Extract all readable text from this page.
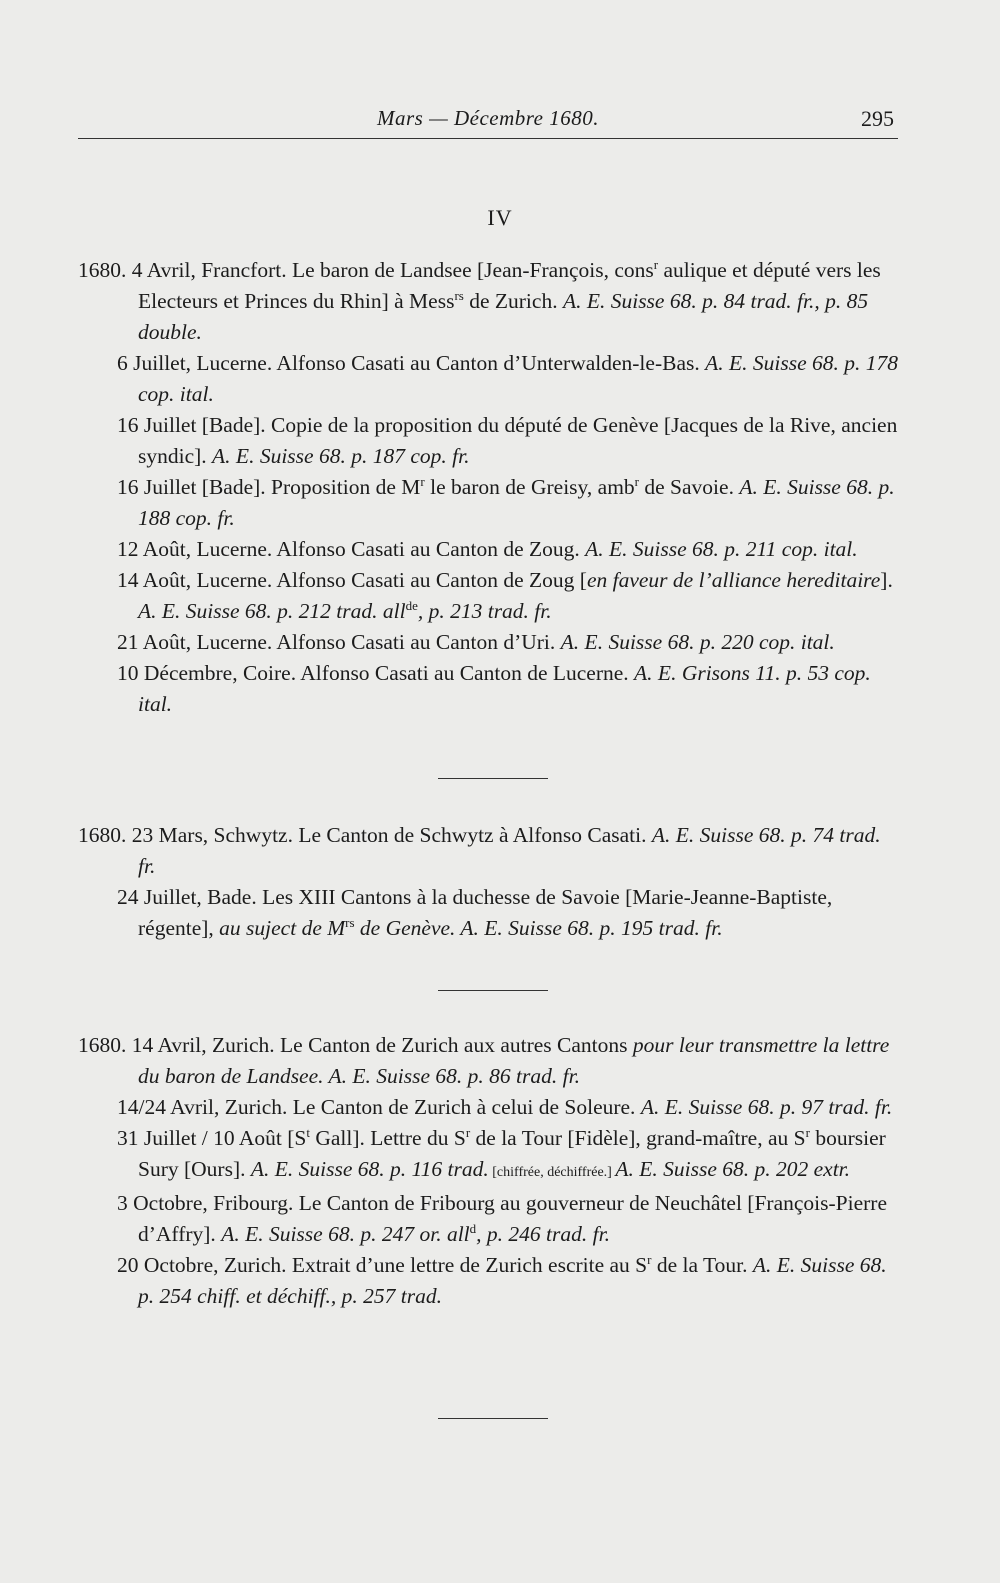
Mars — Décembre 1680.	295
IV

1680. 4 Avril, Francfort. Le baron de Landsee [Jean-François, cons$^r$ aulique et député vers les Electeurs et Princes du Rhin] à Mess$^{rs}$ de Zurich. A. E. Suisse 68. p. 84 trad. fr., p. 85 double.

6 Juillet, Lucerne. Alfonso Casati au Canton d’Unterwalden-le-Bas. A. E. Suisse 68. p. 178 cop. ital.

16 Juillet [Bade]. Copie de la proposition du député de Genève [Jacques de la Rive, ancien syndic]. A. E. Suisse 68. p. 187 cop. fr.

16 Juillet [Bade]. Proposition de $M^r$ le baron de Greisy, amb$^r$ de Savoie. A. E. Suisse 68. p. 188 cop. fr.

12 Août, Lucerne. Alfonso Casati au Canton de Zoug. A. E. Suisse 68. p. 211 cop. ital.

14 Août, Lucerne. Alfonso Casati au Canton de Zoug [en faveur de l’alliance hereditaire]. A. E. Suisse 68. p. 212 trad. all$^{de}$, p. 213 trad. fr.

21 Août, Lucerne. Alfonso Casati au Canton d’Uri. A. E. Suisse 68. p. 220 cop. ital.

10 Décembre, Coire. Alfonso Casati au Canton de Lucerne. A. E. Grisons 11. p. 53 cop. ital.

1680. 23 Mars, Schwytz. Le Canton de Schwytz à Alfonso Casati. A. E. Suisse 68. p. 74 trad. fr.

24 Juillet, Bade. Les XIII Cantons à la duchesse de Savoie [Marie-Jeanne-Baptiste, régente], au suject de $M^{rs}$ de Genève. A. E. Suisse 68. p. 195 trad. fr.

1680. 14 Avril, Zurich. Le Canton de Zurich aux autres Cantons pour leur transmettre la lettre du baron de Landsee. A. E. Suisse 68. p. 86 trad. fr.

14/24 Avril, Zurich. Le Canton de Zurich à celui de Soleure. A. E. Suisse 68. p. 97 trad. fr.

31 Juillet / 10 Août [$S^t$ Gall]. Lettre du $S^r$ de la Tour [Fidèle], grand-maître, au $S^r$ boursier Sury [Ours]. A. E. Suisse 68. p. 116 trad. [chiffrée, déchiffrée.] A. E. Suisse 68. p. 202 extr.

3 Octobre, Fribourg. Le Canton de Fribourg au gouverneur de Neuchâtel [François-Pierre d’Affry]. A. E. Suisse 68. p. 247 or. all$^d$, p. 246 trad. fr.

20 Octobre, Zurich. Extrait d’une lettre de Zurich escrite au $S^r$ de la Tour. A. E. Suisse 68. p. 254 chiff. et déchiff., p. 257 trad.
